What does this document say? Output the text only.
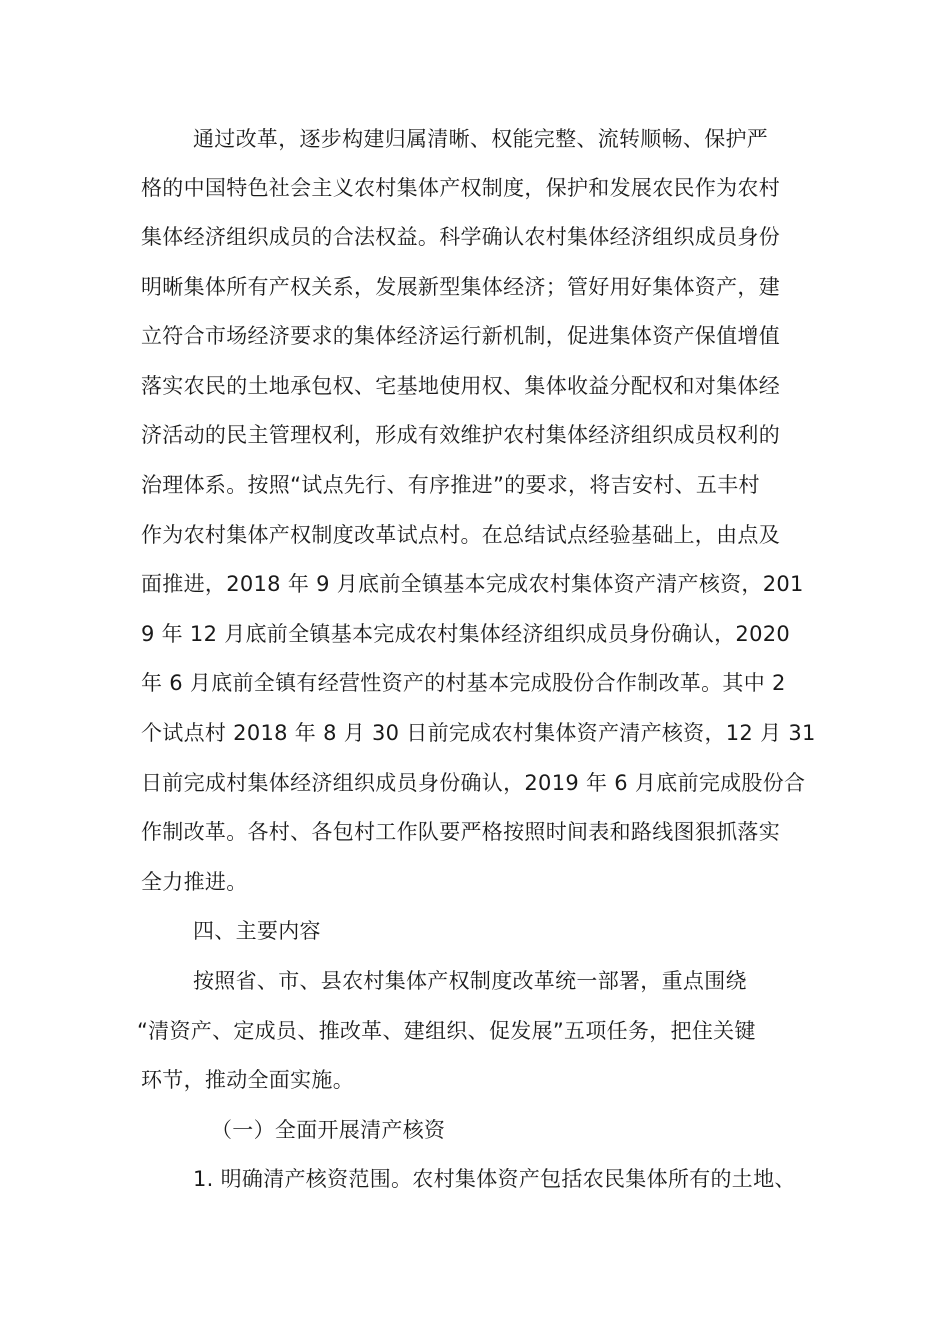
通过改革，逐步构建归属清晰、权能完整、流转顺畅、保护严
格的中国特色社会主义农村集体产权制度，保护和发展农民作为农村
集体经济组织成员的合法权益。科学确认农村集体经济组织成员身份
明晰集体所有产权关系，发展新型集体经济；管好用好集体资产，建
立符合市场经济要求的集体经济运行新机制，促进集体资产保值增值
落实农民的土地承包权、宅基地使用权、集体收益分配权和对集体经
济活动的民主管理权利，形成有效维护农村集体经济组织成员权利的
治理体系。按照“试点先行、有序推进”的要求，将吉安村、五丰村
作为农村集体产权制度改革试点村。在总结试点经验基础上，由点及
面推进，2018 年 9 月底前全镇基本完成农村集体资产清产核资，201
9 年 12 月底前全镇基本完成农村集体经济组织成员身份确认，2020
年 6 月底前全镇有经营性资产的村基本完成股份合作制改革。其中 2
个试点村 2018 年 8 月 30 日前完成农村集体资产清产核资，12 月 31
日前完成村集体经济组织成员身份确认，2019 年 6 月底前完成股份合
作制改革。各村、各包村工作队要严格按照时间表和路线图狠抓落实
全力推进。
四、主要内容
按照省、市、县农村集体产权制度改革统一部署，重点围绕
“清资产、定成员、推改革、建组织、促发展”五项任务，把住关键
环节，推动全面实施。
（一）全面开展清产核资
1. 明确清产核资范围。农村集体资产包括农民集体所有的土地、
